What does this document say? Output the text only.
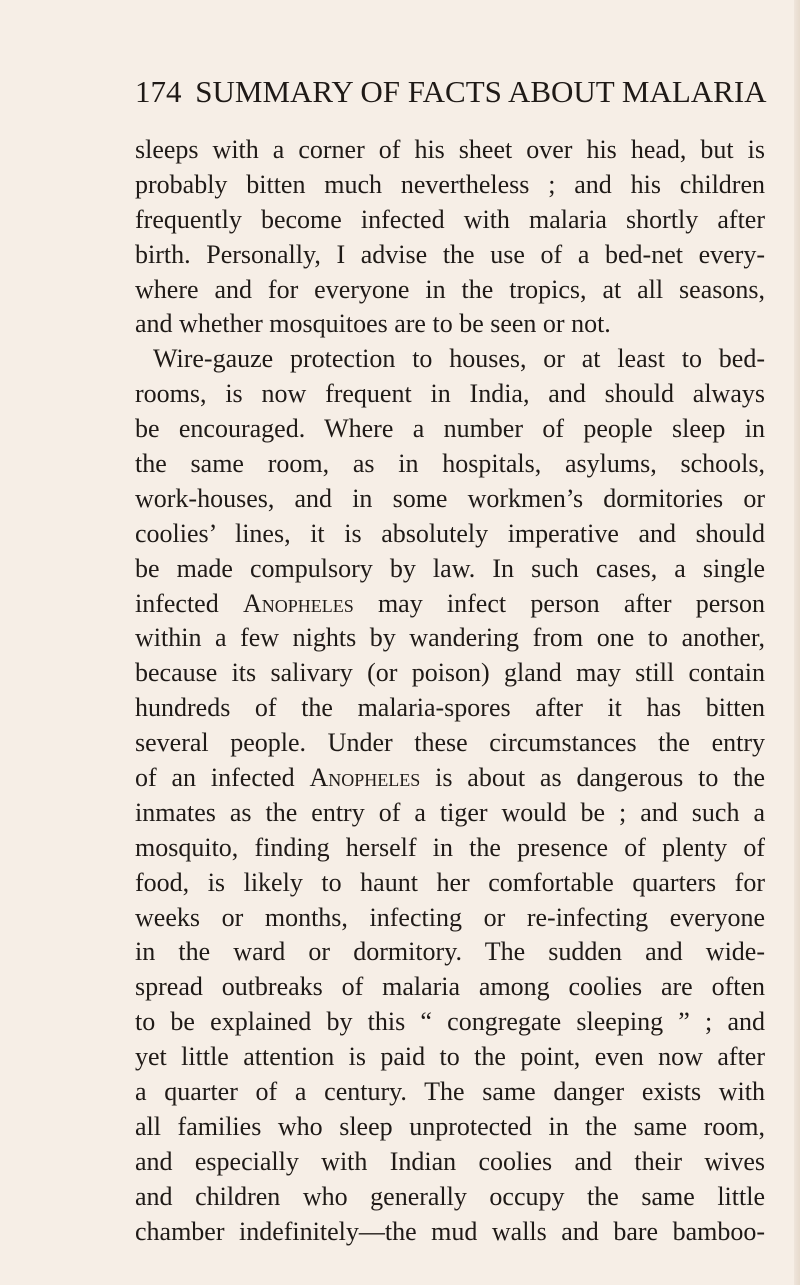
174 SUMMARY OF FACTS ABOUT MALARIA
sleeps with a corner of his sheet over his head, but is
probably bitten much nevertheless ; and his children
frequently become infected with malaria shortly after
birth. Personally, I advise the use of a bed-net every-
where and for everyone in the tropics, at all seasons,
and whether mosquitoes are to be seen or not.
Wire-gauze protection to houses, or at least to bed-
rooms, is now frequent in India, and should always
be encouraged. Where a number of people sleep in
the same room, as in hospitals, asylums, schools,
work-houses, and in some workmen’s dormitories or
coolies’ lines, it is absolutely imperative and should
be made compulsory by law. In such cases, a single
infected Anopheles may infect person after person
within a few nights by wandering from one to another,
because its salivary (or poison) gland may still contain
hundreds of the malaria-spores after it has bitten
several people. Under these circumstances the entry
of an infected Anopheles is about as dangerous to the
inmates as the entry of a tiger would be ; and such a
mosquito, finding herself in the presence of plenty of
food, is likely to haunt her comfortable quarters for
weeks or months, infecting or re-infecting everyone
in the ward or dormitory. The sudden and wide-
spread outbreaks of malaria among coolies are often
to be explained by this “ congregate sleeping ” ; and
yet little attention is paid to the point, even now after
a quarter of a century. The same danger exists with
all families who sleep unprotected in the same room,
and especially with Indian coolies and their wives
and children who generally occupy the same little
chamber indefinitely—the mud walls and bare bamboo-
